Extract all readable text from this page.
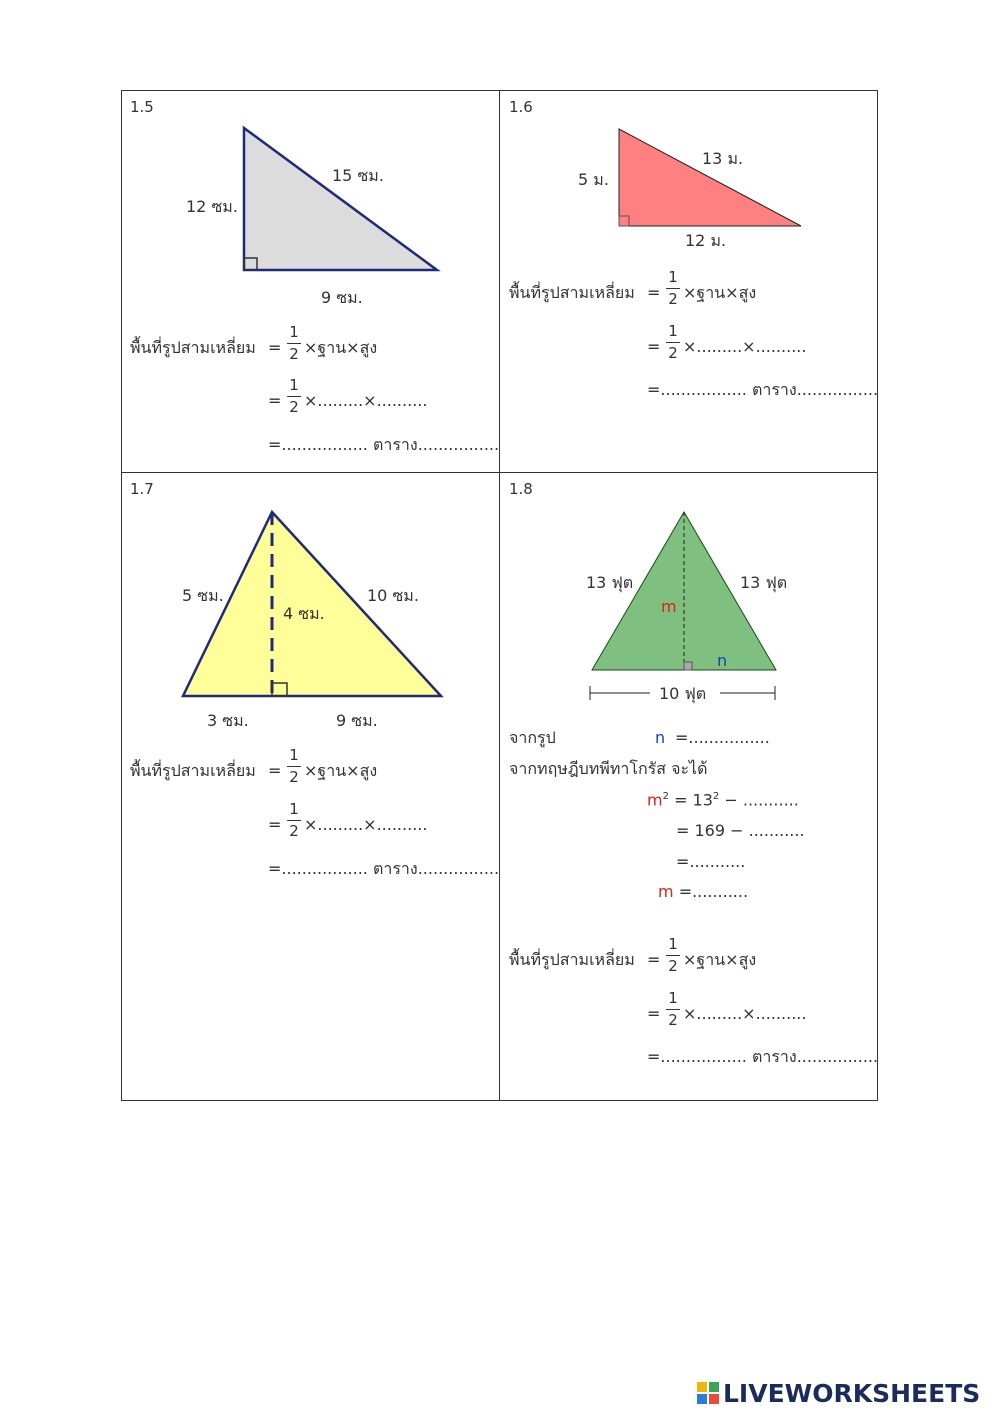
1.5
12 ซม.
15 ซม.
9 ซม.
พื้นที่รูปสามเหลี่ยม =
1
2 ×ฐาน×สูง
=
1
2 ×.........×..........
=................. ตาราง................
1.6
5 ม.
13 ม.
12 ม.
พื้นที่รูปสามเหลี่ยม =
1
2 ×ฐาน×สูง
=
1
2 ×.........×..........
=................. ตาราง................
1.7
5 ซม.	10 ซม.
4 ซม.
3 ซม.	9 ซม.
พื้นที่รูปสามเหลี่ยม =
1
2 ×ฐาน×สูง
=
1
2 ×.........×..........
=................. ตาราง................
1.8
13 ฟุต	13 ฟุต
m
n
10 ฟุต
จากรูป	n =................
จากทฤษฎีบทพีทาโกรัส จะได้
$m^2 = 13^2$ − ...........
= 169 − ...........
=...........
m =...........
พื้นที่รูปสามเหลี่ยม =
1
2 ×ฐาน×สูง
=
1
2 ×.........×..........
=................. ตาราง................
LIVEWORKSHEETS
